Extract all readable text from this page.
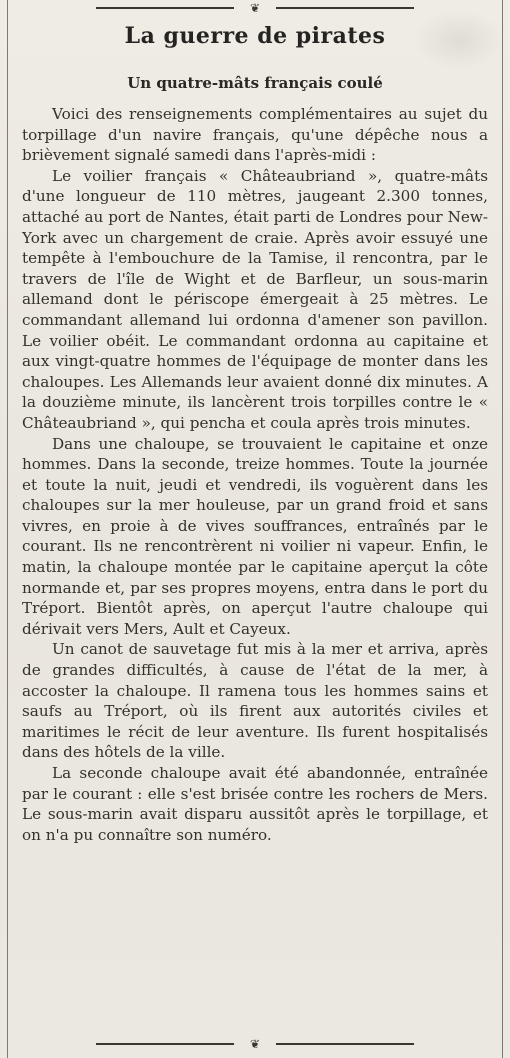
❦
La guerre de pirates
Un quatre-mâts français coulé

Voici des renseignements complémentaires au sujet du torpillage d'un navire français, qu'une dépêche nous a brièvement signalé samedi dans l'après-midi :

Le voilier français « Châteaubriand », quatre-mâts d'une longueur de 110 mètres, jaugeant 2.300 tonnes, attaché au port de Nantes, était parti de Londres pour New-York avec un chargement de craie. Après avoir essuyé une tempête à l'embouchure de la Tamise, il rencontra, par le travers de l'île de Wight et de Barfleur, un sous-marin allemand dont le périscope émergeait à 25 mètres. Le commandant allemand lui ordonna d'amener son pavillon. Le voilier obéit. Le commandant ordonna au capitaine et aux vingt-quatre hommes de l'équipage de monter dans les chaloupes. Les Allemands leur avaient donné dix minutes. A la douzième minute, ils lancèrent trois torpilles contre le « Châteaubriand », qui pencha et coula après trois minutes.

Dans une chaloupe, se trouvaient le capitaine et onze hommes. Dans la seconde, treize hommes. Toute la journée et toute la nuit, jeudi et vendredi, ils voguèrent dans les chaloupes sur la mer houleuse, par un grand froid et sans vivres, en proie à de vives souffrances, entraînés par le courant. Ils ne rencontrèrent ni voilier ni vapeur. Enfin, le matin, la chaloupe montée par le capitaine aperçut la côte normande et, par ses propres moyens, entra dans le port du Tréport. Bientôt après, on aperçut l'autre chaloupe qui dérivait vers Mers, Ault et Cayeux.

Un canot de sauvetage fut mis à la mer et arriva, après de grandes difficultés, à cause de l'état de la mer, à accoster la chaloupe. Il ramena tous les hommes sains et saufs au Tréport, où ils firent aux autorités civiles et maritimes le récit de leur aventure. Ils furent hospitalisés dans des hôtels de la ville.

La seconde chaloupe avait été abandonnée, entraînée par le courant : elle s'est brisée contre les rochers de Mers. Le sous-marin avait disparu aussitôt après le torpillage, et on n'a pu connaître son numéro.

❦
